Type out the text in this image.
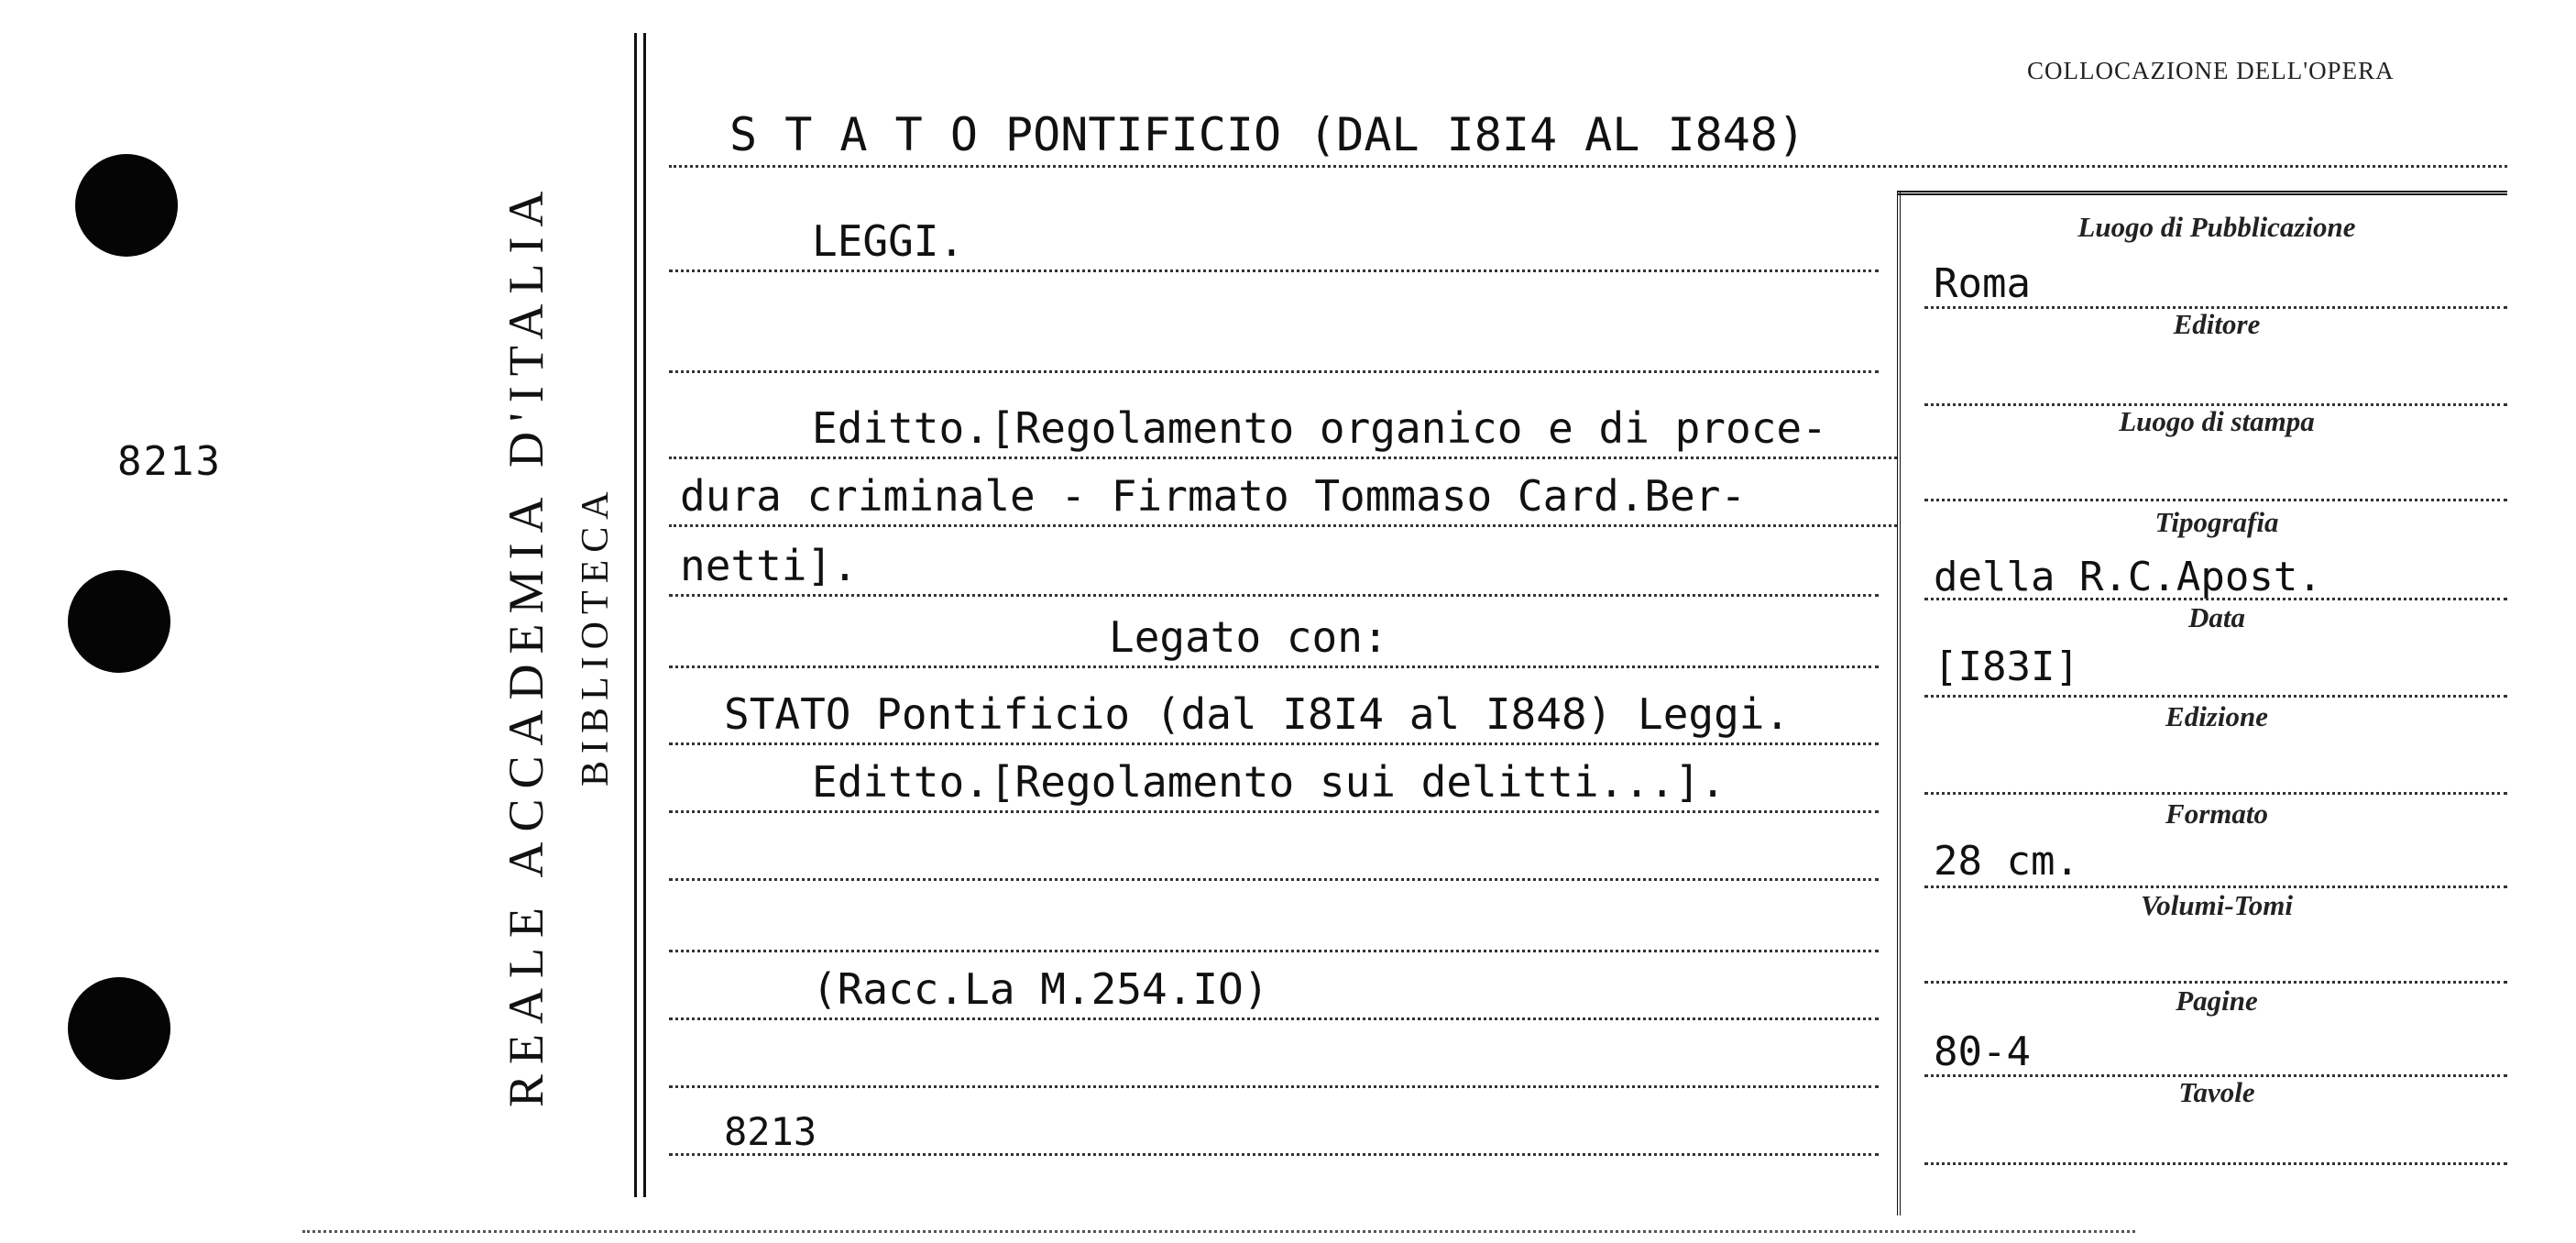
8213	REALE ACCADEMIA D'ITALIA BIBLIOTECA
COLLOCAZIONE DELL'OPERA
S T A T O PONTIFICIO (DAL I8I4 AL I848)
LEGGI.
Editto.[Regolamento organico e di proce-
dura criminale - Firmato Tommaso Card.Ber-
netti].
Legato con:
STATO Pontificio (dal I8I4 al I848) Leggi.
Editto.[Regolamento sui delitti...].
(Racc.La M.254.IO)
8213
Luogo di Pubblicazione
Roma
Editore
Luogo di stampa
Tipografia
della R.C.Apost.
Data
[I83I]
Edizione
Formato
28 cm.
Volumi-Tomi
Pagine
80-4
Tavole
